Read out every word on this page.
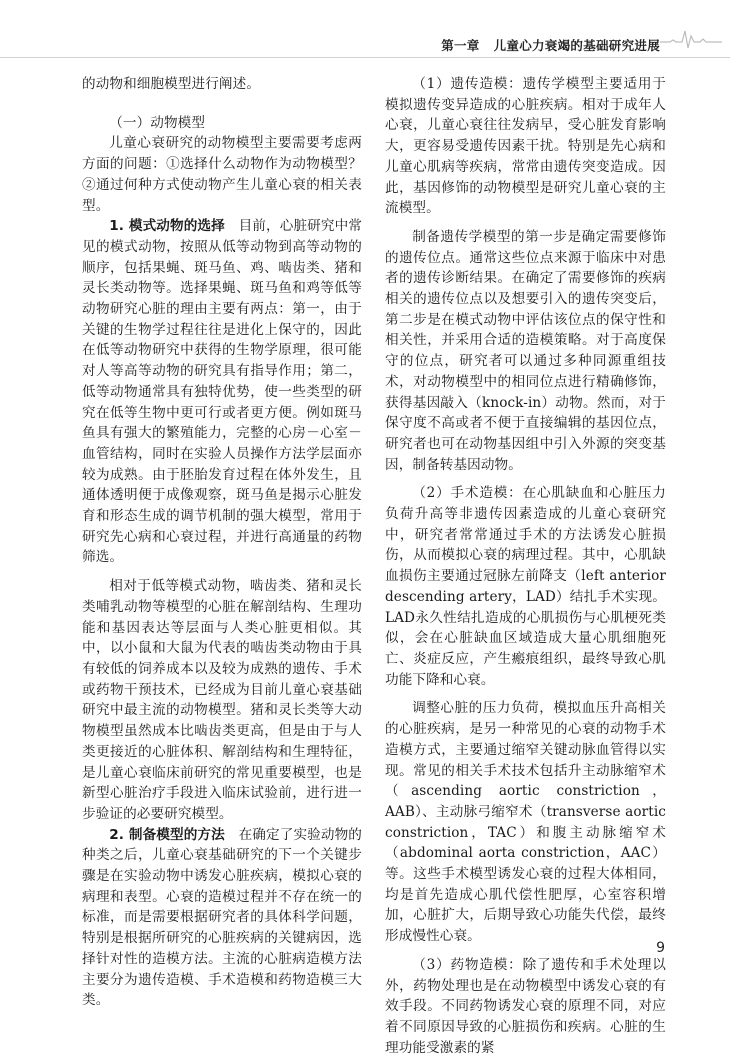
第一章 儿童心力衰竭的基础研究进展

的动物和细胞模型进行阐述。

（一）动物模型

儿童心衰研究的动物模型主要需要考虑两方面的问题：①选择什么动物作为动物模型？②通过何种方式使动物产生儿童心衰的相关表型。

1. 模式动物的选择　 目前，心脏研究中常见的模式动物，按照从低等动物到高等动物的顺序，包括果蝇、斑马鱼、鸡、啮齿类、猪和灵长类动物等。选择果蝇、斑马鱼和鸡等低等动物研究心脏的理由主要有两点：第一，由于关键的生物学过程往往是进化上保守的，因此在低等动物研究中获得的生物学原理，很可能对人等高等动物的研究具有指导作用；第二，低等动物通常具有独特优势，使一些类型的研究在低等生物中更可行或者更方便。例如斑马鱼具有强大的繁殖能力，完整的心房－心室－血管结构，同时在实验人员操作方法学层面亦较为成熟。由于胚胎发育过程在体外发生，且通体透明便于成像观察，斑马鱼是揭示心脏发育和形态生成的调节机制的强大模型，常用于研究先心病和心衰过程，并进行高通量的药物筛选。

相对于低等模式动物，啮齿类、猪和灵长类哺乳动物等模型的心脏在解剖结构、生理功能和基因表达等层面与人类心脏更相似。其中，以小鼠和大鼠为代表的啮齿类动物由于具有较低的饲养成本以及较为成熟的遗传、手术或药物干预技术，已经成为目前儿童心衰基础研究中最主流的动物模型。猪和灵长类等大动物模型虽然成本比啮齿类更高，但是由于与人类更接近的心脏体积、解剖结构和生理特征，是儿童心衰临床前研究的常见重要模型，也是新型心脏治疗手段进入临床试验前，进行进一步验证的必要研究模型。

2. 制备模型的方法　 在确定了实验动物的种类之后，儿童心衰基础研究的下一个关键步骤是在实验动物中诱发心脏疾病，模拟心衰的病理和表型。心衰的造模过程并不存在统一的标准，而是需要根据研究者的具体科学问题，特别是根据所研究的心脏疾病的关键病因，选择针对性的造模方法。主流的心脏病造模方法主要分为遗传造模、手术造模和药物造模三大类。

（1）遗传造模：遗传学模型主要适用于模拟遗传变异造成的心脏疾病。相对于成年人心衰，儿童心衰往往发病早，受心脏发育影响大，更容易受遗传因素干扰。特别是先心病和儿童心肌病等疾病，常常由遗传突变造成。因此，基因修饰的动物模型是研究儿童心衰的主流模型。

制备遗传学模型的第一步是确定需要修饰的遗传位点。通常这些位点来源于临床中对患者的遗传诊断结果。在确定了需要修饰的疾病相关的遗传位点以及想要引入的遗传突变后，第二步是在模式动物中评估该位点的保守性和相关性，并采用合适的造模策略。对于高度保守的位点，研究者可以通过多种同源重组技术，对动物模型中的相同位点进行精确修饰，获得基因敲入（knock-in）动物。然而，对于保守度不高或者不便于直接编辑的基因位点，研究者也可在动物基因组中引入外源的突变基因，制备转基因动物。

（2）手术造模：在心肌缺血和心脏压力负荷升高等非遗传因素造成的儿童心衰研究中，研究者常常通过手术的方法诱发心脏损伤，从而模拟心衰的病理过程。其中，心肌缺血损伤主要通过冠脉左前降支（left anterior descending artery，LAD）结扎手术实现。LAD永久性结扎造成的心肌损伤与心肌梗死类似，会在心脏缺血区域造成大量心肌细胞死亡、炎症反应，产生瘢痕组织，最终导致心肌功能下降和心衰。

调整心脏的压力负荷，模拟血压升高相关的心脏疾病，是另一种常见的心衰的动物手术造模方式，主要通过缩窄关键动脉血管得以实现。常见的相关手术技术包括升主动脉缩窄术（ascending aortic constriction，AAB）、主动脉弓缩窄术（transverse aortic constriction，TAC）和腹主动脉缩窄术（abdominal aorta constriction，AAC）等。这些手术模型诱发心衰的过程大体相同，均是首先造成心肌代偿性肥厚，心室容积增加，心脏扩大，后期导致心功能失代偿，最终形成慢性心衰。

（3）药物造模：除了遗传和手术处理以外，药物处理也是在动物模型中诱发心衰的有效手段。不同药物诱发心衰的原理不同，对应着不同原因导致的心脏损伤和疾病。心脏的生理功能受激素的紧

9
